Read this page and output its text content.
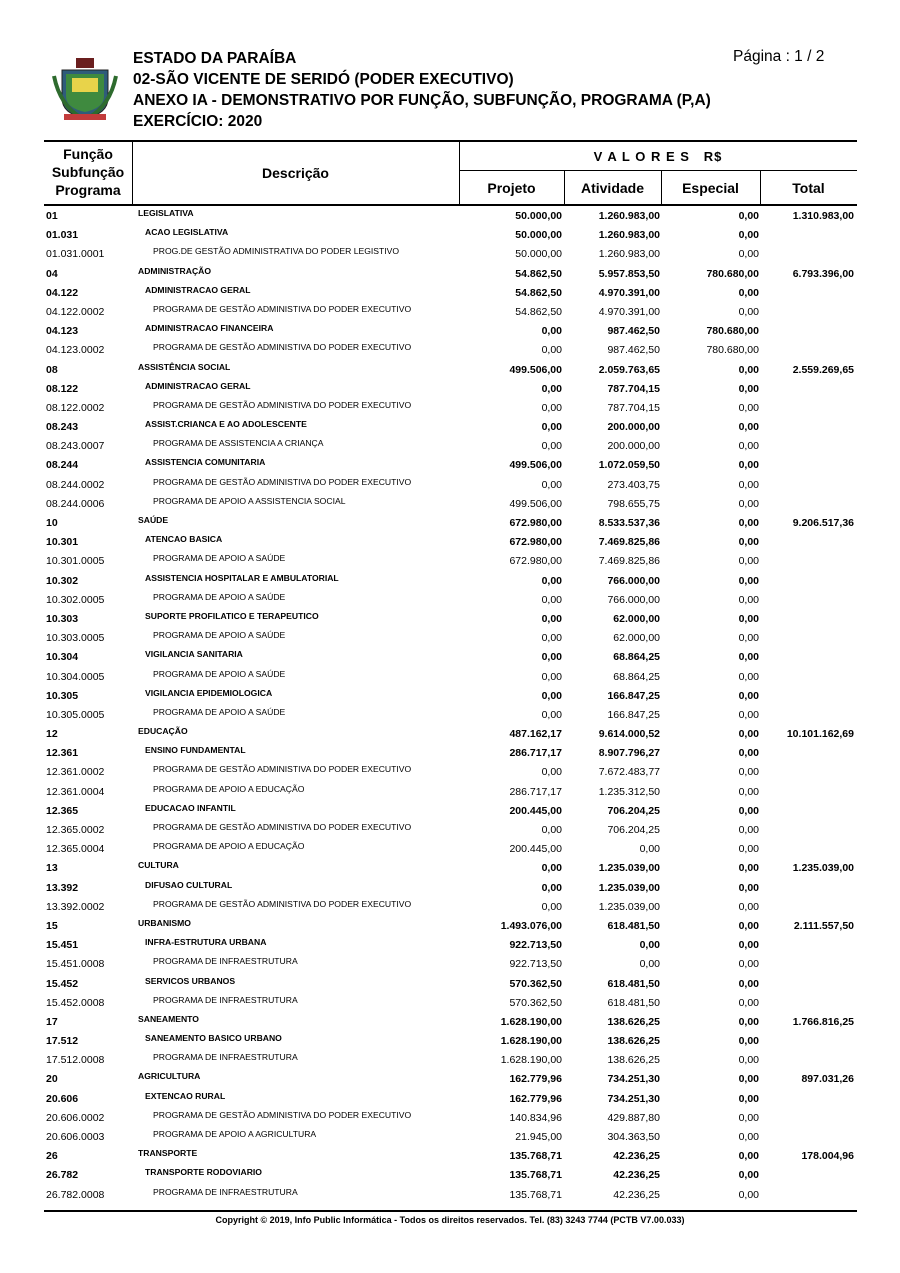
ESTADO DA PARAÍBA
02-SÃO VICENTE DE SERIDÓ (PODER EXECUTIVO)
ANEXO IA - DEMONSTRATIVO POR FUNÇÃO, SUBFUNÇÃO, PROGRAMA (P,A)
EXERCÍCIO: 2020
Página : 1 / 2
Função
Subfunção
Programa
Descrição
V A L O R E S   R$
Projeto	Atividade	Especial	Total
01	LEGISLATIVA	50.000,00	1.260.983,00	0,00	1.310.983,00
01.031	ACAO LEGISLATIVA	50.000,00	1.260.983,00	0,00
01.031.0001	PROG.DE GESTÃO ADMINISTRATIVA DO PODER LEGISTIVO	50.000,00	1.260.983,00	0,00
04	ADMINISTRAÇÃO	54.862,50	5.957.853,50	780.680,00	6.793.396,00
04.122	ADMINISTRACAO GERAL	54.862,50	4.970.391,00	0,00
04.122.0002	PROGRAMA DE GESTÃO ADMINISTIVA DO PODER EXECUTIVO	54.862,50	4.970.391,00	0,00
04.123	ADMINISTRACAO FINANCEIRA	0,00	987.462,50	780.680,00
04.123.0002	PROGRAMA DE GESTÃO ADMINISTIVA DO PODER EXECUTIVO	0,00	987.462,50	780.680,00
08	ASSISTÊNCIA SOCIAL	499.506,00	2.059.763,65	0,00	2.559.269,65
08.122	ADMINISTRACAO GERAL	0,00	787.704,15	0,00
08.122.0002	PROGRAMA DE GESTÃO ADMINISTIVA DO PODER EXECUTIVO	0,00	787.704,15	0,00
08.243	ASSIST.CRIANCA E AO ADOLESCENTE	0,00	200.000,00	0,00
08.243.0007	PROGRAMA DE ASSISTENCIA A CRIANÇA	0,00	200.000,00	0,00
08.244	ASSISTENCIA COMUNITARIA	499.506,00	1.072.059,50	0,00
08.244.0002	PROGRAMA DE GESTÃO ADMINISTIVA DO PODER EXECUTIVO	0,00	273.403,75	0,00
08.244.0006	PROGRAMA DE APOIO A ASSISTENCIA SOCIAL	499.506,00	798.655,75	0,00
10	SAÚDE	672.980,00	8.533.537,36	0,00	9.206.517,36
10.301	ATENCAO BASICA	672.980,00	7.469.825,86	0,00
10.301.0005	PROGRAMA DE APOIO A SAÚDE	672.980,00	7.469.825,86	0,00
10.302	ASSISTENCIA HOSPITALAR E AMBULATORIAL	0,00	766.000,00	0,00
10.302.0005	PROGRAMA DE APOIO A SAÚDE	0,00	766.000,00	0,00
10.303	SUPORTE PROFILATICO E TERAPEUTICO	0,00	62.000,00	0,00
10.303.0005	PROGRAMA DE APOIO A SAÚDE	0,00	62.000,00	0,00
10.304	VIGILANCIA SANITARIA	0,00	68.864,25	0,00
10.304.0005	PROGRAMA DE APOIO A SAÚDE	0,00	68.864,25	0,00
10.305	VIGILANCIA EPIDEMIOLOGICA	0,00	166.847,25	0,00
10.305.0005	PROGRAMA DE APOIO A SAÚDE	0,00	166.847,25	0,00
12	EDUCAÇÃO	487.162,17	9.614.000,52	0,00	10.101.162,69
12.361	ENSINO FUNDAMENTAL	286.717,17	8.907.796,27	0,00
12.361.0002	PROGRAMA DE GESTÃO ADMINISTIVA DO PODER EXECUTIVO	0,00	7.672.483,77	0,00
12.361.0004	PROGRAMA DE APOIO A EDUCAÇÃO	286.717,17	1.235.312,50	0,00
12.365	EDUCACAO INFANTIL	200.445,00	706.204,25	0,00
12.365.0002	PROGRAMA DE GESTÃO ADMINISTIVA DO PODER EXECUTIVO	0,00	706.204,25	0,00
12.365.0004	PROGRAMA DE APOIO A EDUCAÇÃO	200.445,00	0,00	0,00
13	CULTURA	0,00	1.235.039,00	0,00	1.235.039,00
13.392	DIFUSAO CULTURAL	0,00	1.235.039,00	0,00
13.392.0002	PROGRAMA DE GESTÃO ADMINISTIVA DO PODER EXECUTIVO	0,00	1.235.039,00	0,00
15	URBANISMO	1.493.076,00	618.481,50	0,00	2.111.557,50
15.451	INFRA-ESTRUTURA URBANA	922.713,50	0,00	0,00
15.451.0008	PROGRAMA DE INFRAESTRUTURA	922.713,50	0,00	0,00
15.452	SERVICOS URBANOS	570.362,50	618.481,50	0,00
15.452.0008	PROGRAMA DE INFRAESTRUTURA	570.362,50	618.481,50	0,00
17	SANEAMENTO	1.628.190,00	138.626,25	0,00	1.766.816,25
17.512	SANEAMENTO BASICO URBANO	1.628.190,00	138.626,25	0,00
17.512.0008	PROGRAMA DE INFRAESTRUTURA	1.628.190,00	138.626,25	0,00
20	AGRICULTURA	162.779,96	734.251,30	0,00	897.031,26
20.606	EXTENCAO RURAL	162.779,96	734.251,30	0,00
20.606.0002	PROGRAMA DE GESTÃO ADMINISTIVA DO PODER EXECUTIVO	140.834,96	429.887,80	0,00
20.606.0003	PROGRAMA DE APOIO A AGRICULTURA	21.945,00	304.363,50	0,00
26	TRANSPORTE	135.768,71	42.236,25	0,00	178.004,96
26.782	TRANSPORTE RODOVIARIO	135.768,71	42.236,25	0,00
26.782.0008	PROGRAMA DE INFRAESTRUTURA	135.768,71	42.236,25	0,00
Copyright © 2019, Info Public Informática - Todos os direitos reservados. Tel. (83) 3243 7744 (PCTB V7.00.033)
